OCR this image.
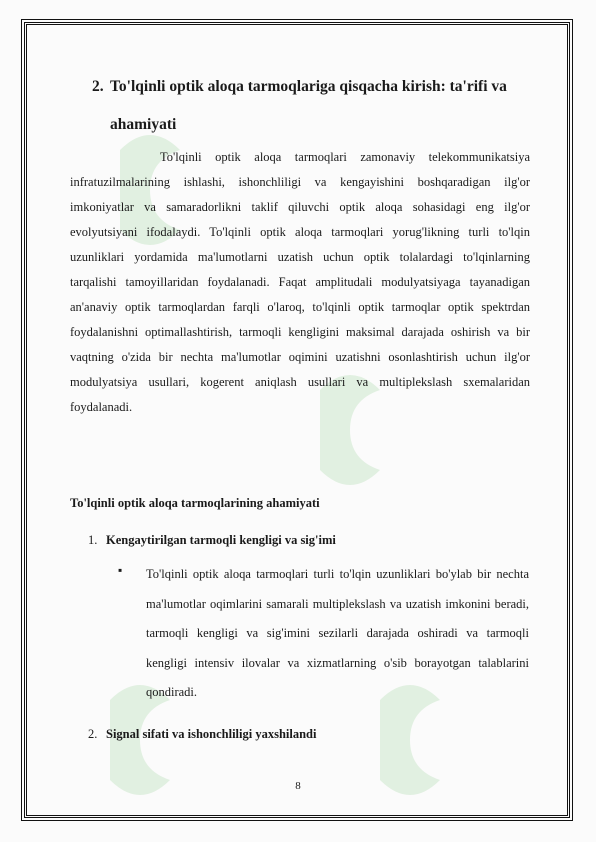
2. To'lqinli optik aloqa tarmoqlariga qisqacha kirish: ta'rifi va
ahamiyati

To'lqinli optik aloqa tarmoqlari zamonaviy telekommunikatsiya infratuzilmalarining ishlashi, ishonchliligi va kengayishini boshqaradigan ilg'or imkoniyatlar va samaradorlikni taklif qiluvchi optik aloqa sohasidagi eng ilg'or evolyutsiyani ifodalaydi. To'lqinli optik aloqa tarmoqlari yorug'likning turli to'lqin uzunliklari yordamida ma'lumotlarni uzatish uchun optik tolalardagi to'lqinlarning tarqalishi tamoyillaridan foydalanadi. Faqat amplitudali modulyatsiyaga tayanadigan an'anaviy optik tarmoqlardan farqli o'laroq, to'lqinli optik tarmoqlar optik spektrdan foydalanishni optimallashtirish, tarmoqli kengligini maksimal darajada oshirish va bir vaqtning o'zida bir nechta ma'lumotlar oqimini uzatishni osonlashtirish uchun ilg'or modulyatsiya usullari, kogerent aniqlash usullari va multiplekslash sxemalaridan foydalanadi.

To'lqinli optik aloqa tarmoqlarining ahamiyati
1. Kengaytirilgan tarmoqli kengligi va sig'imi
▪ To'lqinli optik aloqa tarmoqlari turli to'lqin uzunliklari bo'ylab bir nechta ma'lumotlar oqimlarini samarali multiplekslash va uzatish imkonini beradi, tarmoqli kengligi va sig'imini sezilarli darajada oshiradi va tarmoqli kengligi intensiv ilovalar va xizmatlarning o'sib borayotgan talablarini qondiradi.

2. Signal sifati va ishonchliligi yaxshilandi
8
